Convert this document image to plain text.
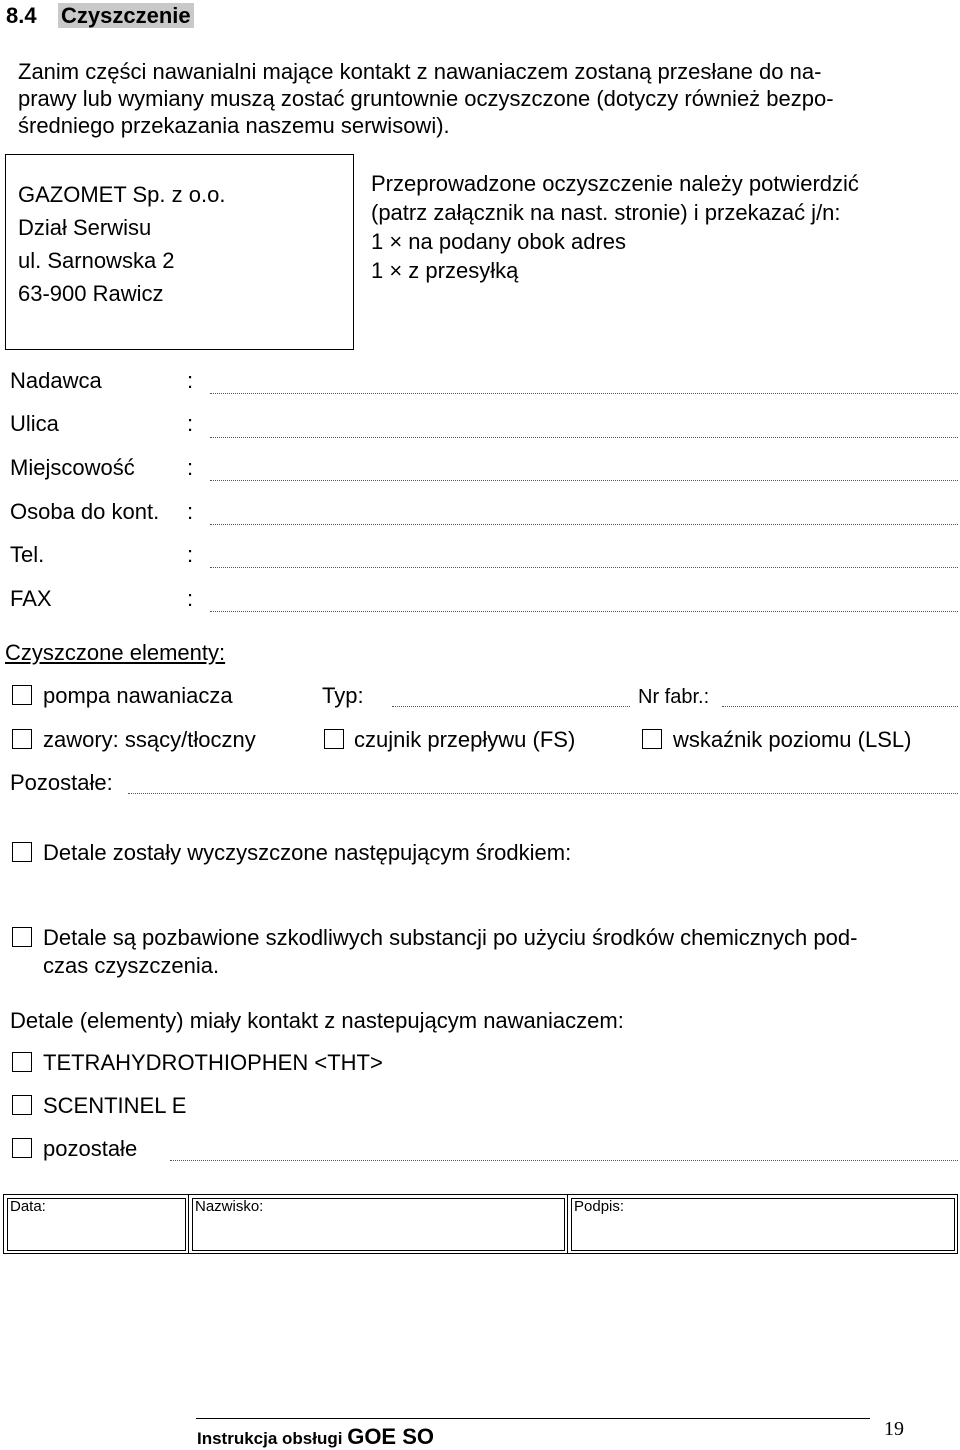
8.4 Czyszczenie
Zanim części nawanialni mające kontakt z nawaniaczem zostaną przesłane do na-
prawy lub wymiany muszą zostać gruntownie oczyszczone (dotyczy również bezpo-
średniego przekazania naszemu serwisowi).
GAZOMET Sp. z o.o.
Dział Serwisu
ul. Sarnowska 2
63-900 Rawicz
Przeprowadzone oczyszczenie należy potwierdzić
(patrz załącznik na nast. stronie) i przekazać j/n:
1 × na podany obok adres
1 × z przesyłką
Nadawca	:
Ulica	:
Miejscowość :
Osoba do kont. :
Tel.	:
FAX	:
Czyszczone elementy:
pompa nawaniacza	Typ:	Nr fabr.:
zawory: ssący/tłoczny	czujnik przepływu (FS)	wskaźnik poziomu (LSL)
Pozostałe:
Detale zostały wyczyszczone następującym środkiem:
Detale są pozbawione szkodliwych substancji po użyciu środków chemicznych pod-
czas czyszczenia.
Detale (elementy) miały kontakt z nastepującym nawaniaczem:
TETRAHYDROTHIOPHEN <THT>
SCENTINEL E
pozostałe
Data:	Nazwisko:	Podpis:
Instrukcja obsługi GOE SO	19
